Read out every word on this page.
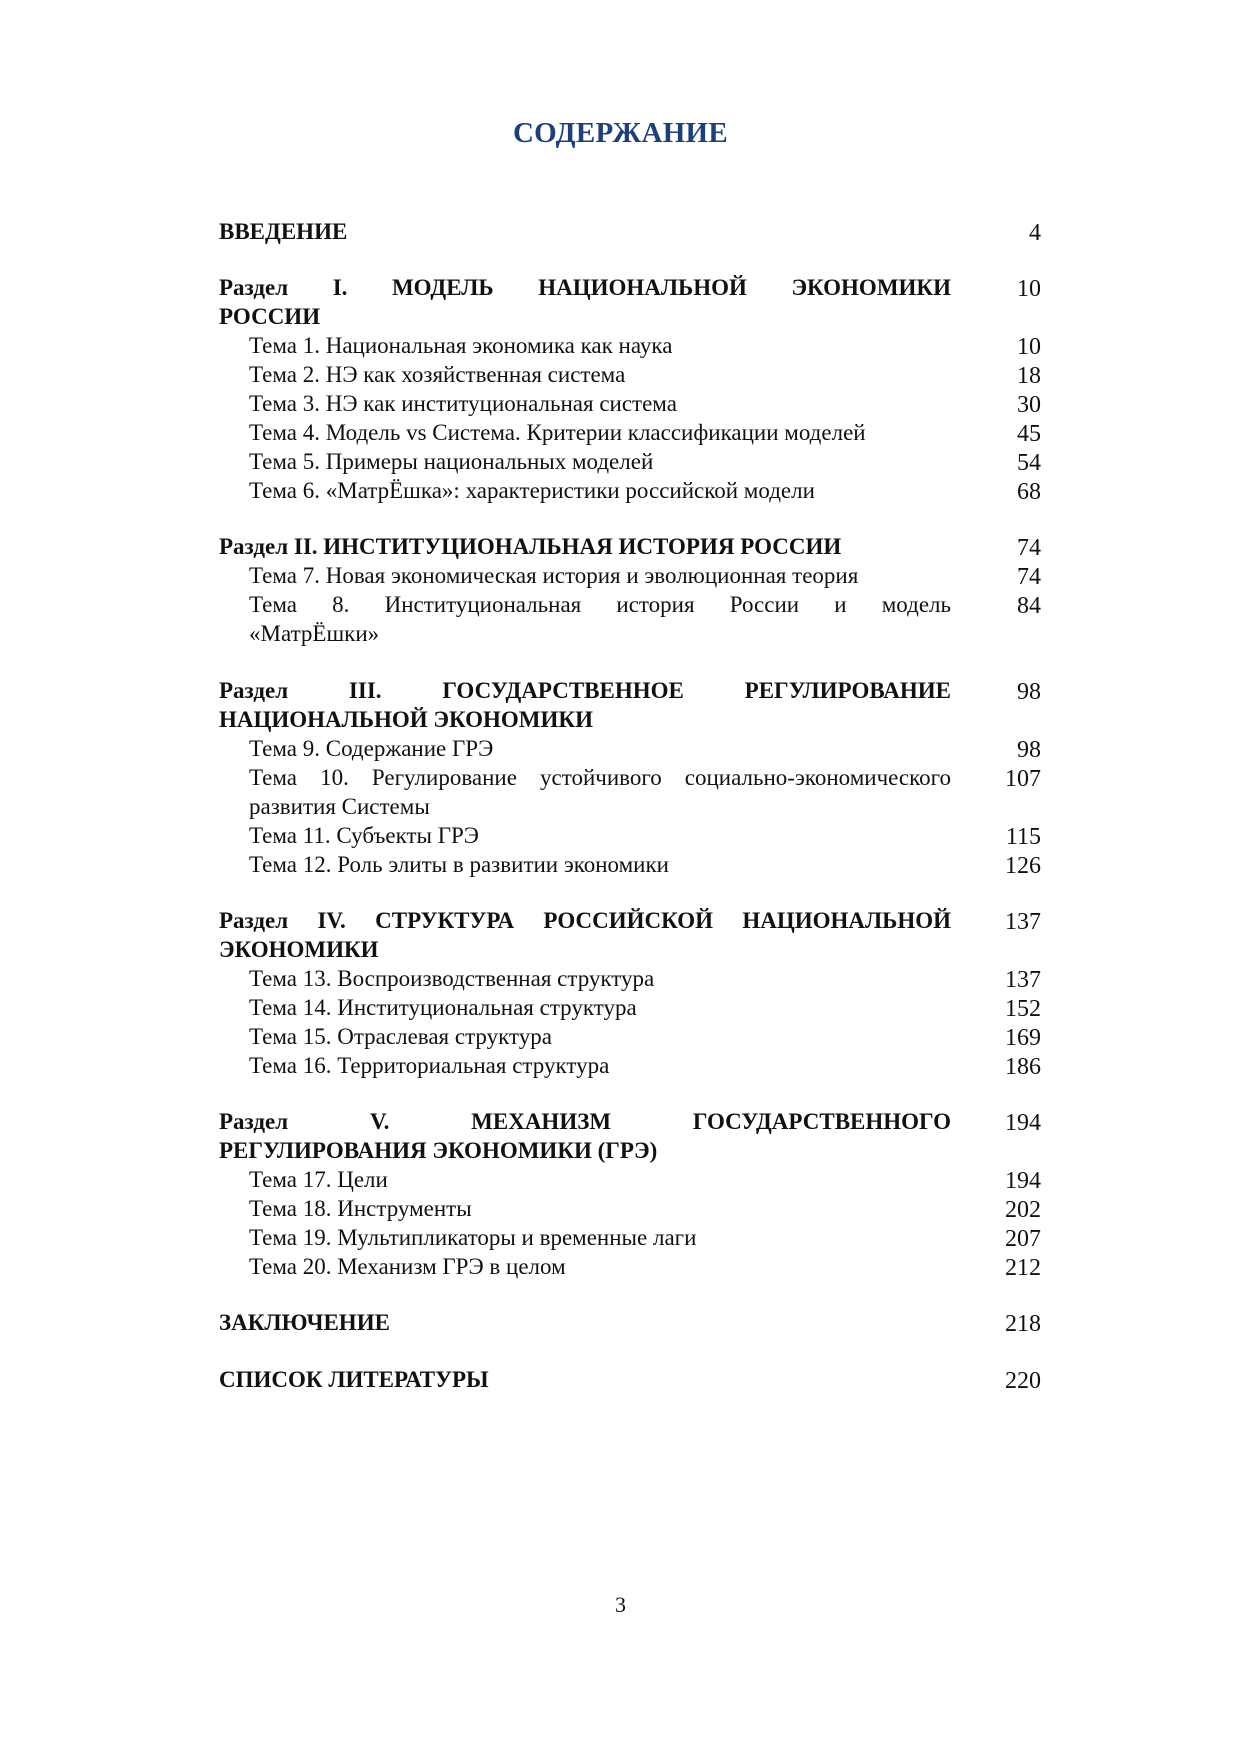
СОДЕРЖАНИЕ
ВВЕДЕНИЕ	4
Раздел I. МОДЕЛЬ НАЦИОНАЛЬНОЙ ЭКОНОМИКИ	10
РОССИИ
Тема 1. Национальная экономика как наука	10
Тема 2. НЭ как хозяйственная система	18
Тема 3. НЭ как институциональная система	30
Тема 4. Модель vs Система. Критерии классификации моделей	45
Тема 5. Примеры национальных моделей	54
Тема 6. «МатрЁшка»: характеристики российской модели	68
Раздел II. ИНСТИТУЦИОНАЛЬНАЯ ИСТОРИЯ РОССИИ	74
Тема 7. Новая экономическая история и эволюционная теория	74
Тема 8. Институциональная история России и модель	84
«МатрЁшки»
Раздел III. ГОСУДАРСТВЕННОЕ РЕГУЛИРОВАНИЕ	98
НАЦИОНАЛЬНОЙ ЭКОНОМИКИ
Тема 9. Содержание ГРЭ	98
Тема 10. Регулирование устойчивого социально-экономического 107
развития Системы
Тема 11. Субъекты ГРЭ	115
Тема 12. Роль элиты в развитии экономики	126
Раздел IV. СТРУКТУРА РОССИЙСКОЙ НАЦИОНАЛЬНОЙ 137
ЭКОНОМИКИ
Тема 13. Воспроизводственная структура	137
Тема 14. Институциональная структура	152
Тема 15. Отраслевая структура	169
Тема 16. Территориальная структура	186
Раздел V. МЕХАНИЗМ ГОСУДАРСТВЕННОГО 194
РЕГУЛИРОВАНИЯ ЭКОНОМИКИ (ГРЭ)
Тема 17. Цели	194
Тема 18. Инструменты	202
Тема 19. Мультипликаторы и временные лаги	207
Тема 20. Механизм ГРЭ в целом	212
ЗАКЛЮЧЕНИЕ	218
СПИСОК ЛИТЕРАТУРЫ	220
3
